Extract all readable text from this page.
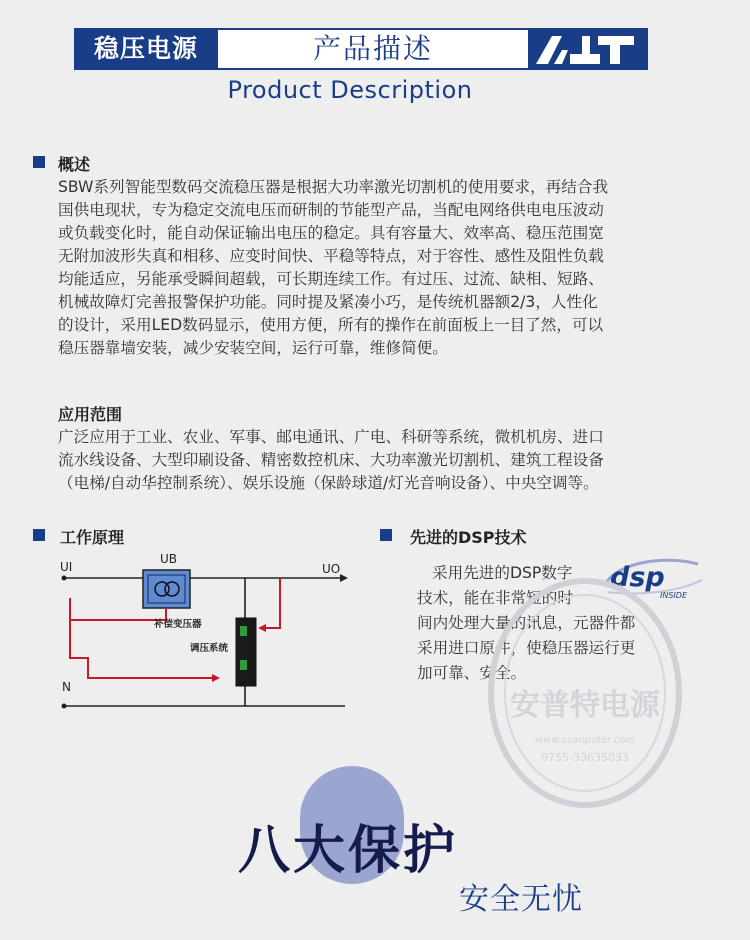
稳压电源	产品描述
Product Description
概述
SBW系列智能型数码交流稳压器是根据大功率激光切割机的使用要求，再结合我
国供电现状，专为稳定交流电压而研制的节能型产品，当配电网络供电电压波动
或负载变化时，能自动保证输出电压的稳定。具有容量大、效率高、稳压范围宽
无附加波形失真和相移、应变时间快、平稳等特点，对于容性、感性及阻性负载
均能适应，另能承受瞬间超载，可长期连续工作。有过压、过流、缺相、短路、
机械故障灯完善报警保护功能。同时提及紧凑小巧，是传统机器额2/3，人性化
的设计，采用LED数码显示，使用方便，所有的操作在前面板上一目了然，可以
稳压器靠墙安装，减少安装空间，运行可靠，维修简便。
应用范围
广泛应用于工业、农业、军事、邮电通讯、广电、科研等系统，微机机房、进口
流水线设备、大型印刷设备、精密数控机床、大功率激光切割机、建筑工程设备
（电梯/自动华控制系统）、娱乐设施（保龄球道/灯光音响设备）、中央空调等。
工作原理
UI
UB
UO
N
补偿变压器
调压系统
先进的DSP技术
dsp
INSIDE
采用先进的DSP数字
技术，能在非常短的时
间内处理大量的讯息，元器件都
采用进口原件，使稳压器运行更
加可靠、安全。
安普特电源
www.szanputer.com
0755-33635033
八大保护
安全无忧
